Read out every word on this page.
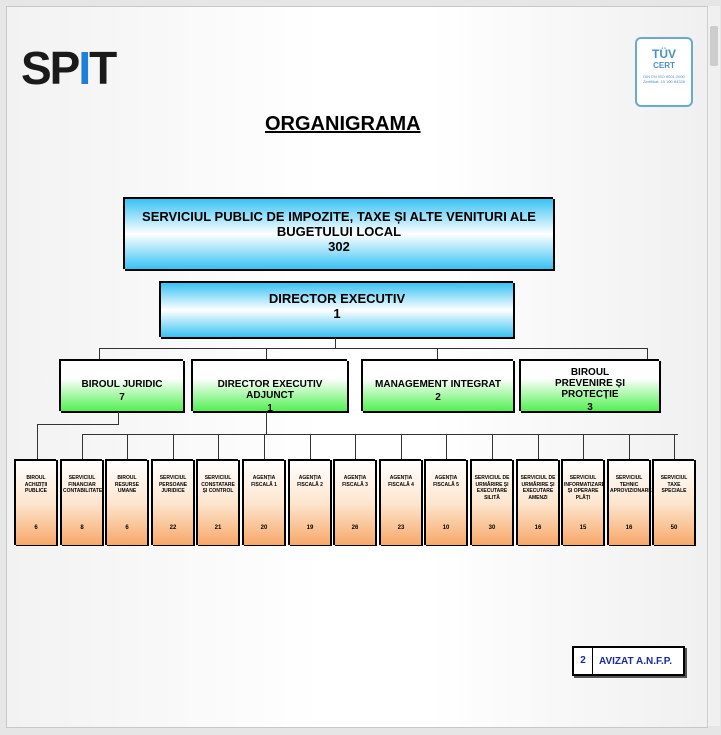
SPIT	TÜV
CERT
DIN EN ISO 9001:2000
Zertifikat: 15 100 84326
ORGANIGRAMA
SERVICIUL PUBLIC DE IMPOZITE, TAXE ȘI ALTE VENITURI ALE
BUGETULUI LOCAL
302
DIRECTOR EXECUTIV
1
BIROUL JURIDIC
7
DIRECTOR EXECUTIV ADJUNCT
1
MANAGEMENT INTEGRAT
2
BIROUL PREVENIRE ȘI PROTECȚIE
3
BIROUL ACHIZIȚII PUBLICE
6
SERVICIUL FINANCIAR CONTABILITATE
8
BIROUL RESURSE UMANE
6
SERVICIUL PERSOANE JURIDICE
22
SERVICIUL CONSTATARE ȘI CONTROL
21
AGENȚIA FISCALĂ 1
20
AGENȚIA FISCALĂ 2
19
AGENȚIA FISCALĂ 3
26
AGENȚIA FISCALĂ 4
23
AGENȚIA FISCALĂ 5
10
SERVICIUL DE URMĂRIRE ȘI EXECUTARE SILITĂ
30
SERVICIUL DE URMĂRIRE ȘI EXECUTARE AMENZI
16
SERVICIUL INFORMATIZARE ȘI OPERARE PLĂȚI
15
SERVICIUL TEHNIC APROVIZIONARE
16
SERVICIUL TAXE SPECIALE
50
2	AVIZAT A.N.F.P.
